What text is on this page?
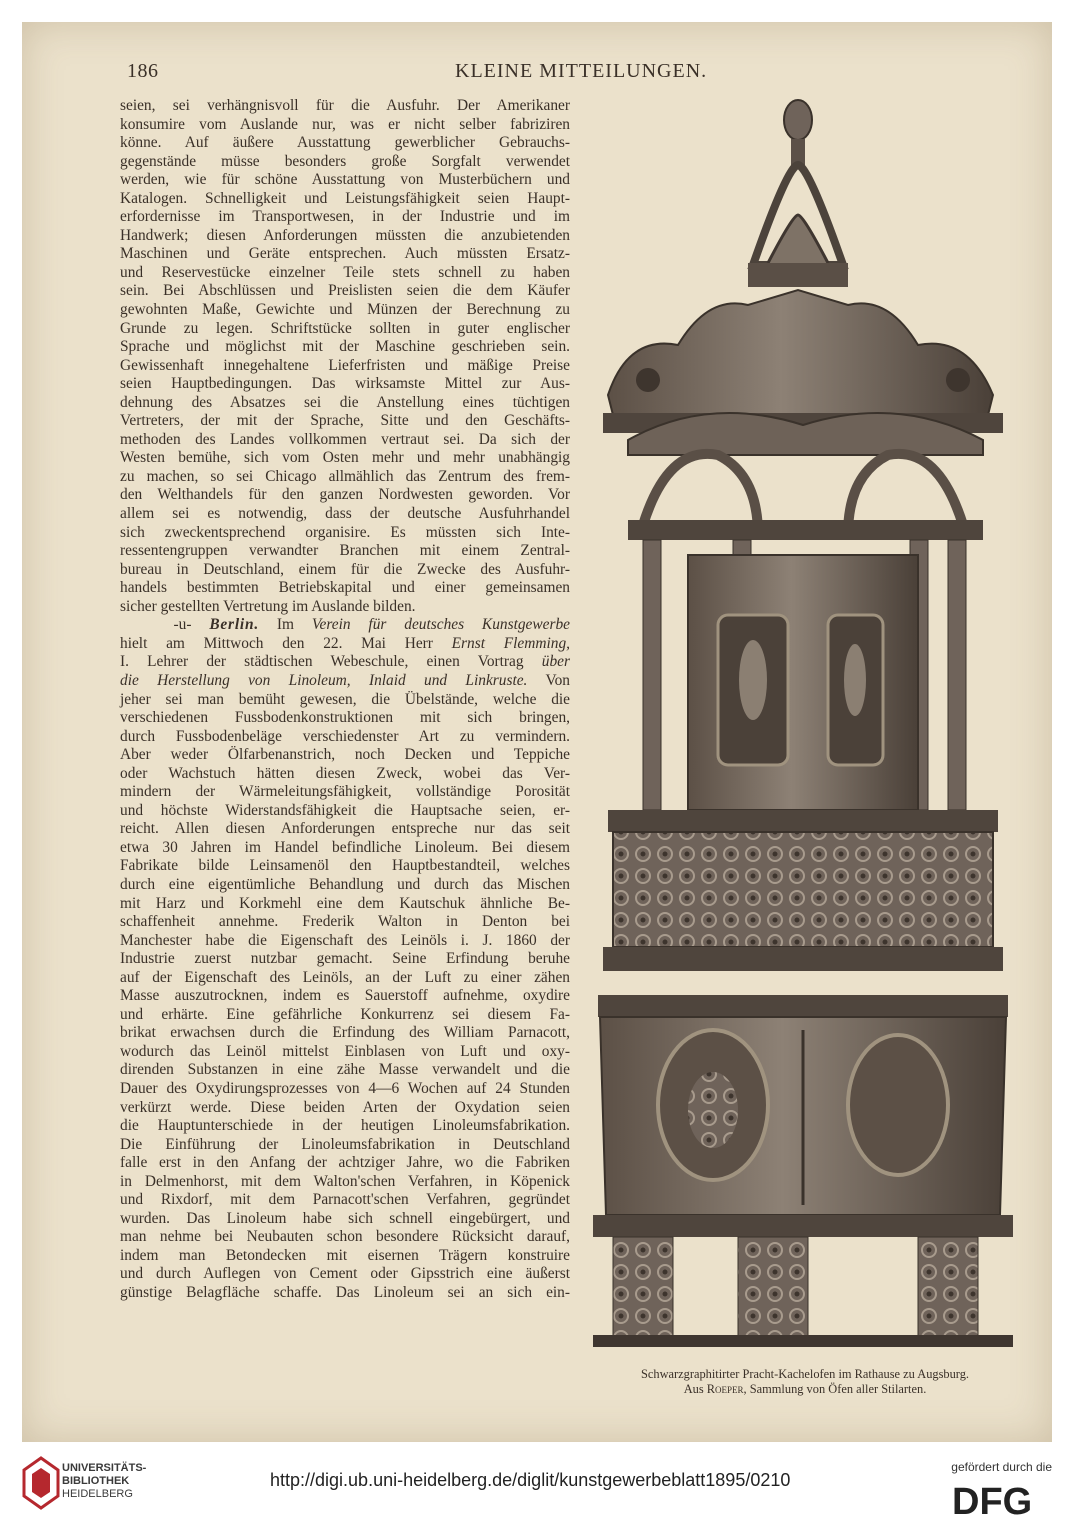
186	KLEINE MITTEILUNGEN.
seien, sei verhängnisvoll für die Ausfuhr. Der Amerikaner
konsumire vom Auslande nur, was er nicht selber fabriziren
könne. Auf äußere Ausstattung gewerblicher Gebrauchs-
gegenstände müsse besonders große Sorgfalt verwendet
werden, wie für schöne Ausstattung von Musterbüchern und
Katalogen. Schnelligkeit und Leistungsfähigkeit seien Haupt-
erfordernisse im Transportwesen, in der Industrie und im
Handwerk; diesen Anforderungen müssten die anzubietenden
Maschinen und Geräte entsprechen. Auch müssten Ersatz-
und Reservestücke einzelner Teile stets schnell zu haben
sein. Bei Abschlüssen und Preislisten seien die dem Käufer
gewohnten Maße, Gewichte und Münzen der Berechnung zu
Grunde zu legen. Schriftstücke sollten in guter englischer
Sprache und möglichst mit der Maschine geschrieben sein.
Gewissenhaft innegehaltene Lieferfristen und mäßige Preise
seien Hauptbedingungen. Das wirksamste Mittel zur Aus-
dehnung des Absatzes sei die Anstellung eines tüchtigen
Vertreters, der mit der Sprache, Sitte und den Geschäfts-
methoden des Landes vollkommen vertraut sei. Da sich der
Westen bemühe, sich vom Osten mehr und mehr unabhängig
zu machen, so sei Chicago allmählich das Zentrum des frem-
den Welthandels für den ganzen Nordwesten geworden. Vor
allem sei es notwendig, dass der deutsche Ausfuhrhandel
sich zweckentsprechend organisire. Es müssten sich Inte-
ressentengruppen verwandter Branchen mit einem Zentral-
bureau in Deutschland, einem für die Zwecke des Ausfuhr-
handels bestimmten Betriebskapital und einer gemeinsamen
sicher gestellten Vertretung im Auslande bilden.
-u- Berlin. Im Verein für deutsches Kunstgewerbe
hielt am Mittwoch den 22. Mai Herr Ernst Flemming,
I. Lehrer der städtischen Webeschule, einen Vortrag über
die Herstellung von Linoleum, Inlaid und Linkruste. Von
jeher sei man bemüht gewesen, die Übelstände, welche die
verschiedenen Fussbodenkonstruktionen mit sich bringen,
durch Fussbodenbeläge verschiedenster Art zu vermindern.
Aber weder Ölfarbenanstrich, noch Decken und Teppiche
oder Wachstuch hätten diesen Zweck, wobei das Ver-
mindern der Wärmeleitungsfähigkeit, vollständige Porosität
und höchste Widerstandsfähigkeit die Hauptsache seien, er-
reicht. Allen diesen Anforderungen entspreche nur das seit
etwa 30 Jahren im Handel befindliche Linoleum. Bei diesem
Fabrikate bilde Leinsamenöl den Hauptbestandteil, welches
durch eine eigentümliche Behandlung und durch das Mischen
mit Harz und Korkmehl eine dem Kautschuk ähnliche Be-
schaffenheit annehme. Frederik Walton in Denton bei
Manchester habe die Eigenschaft des Leinöls i. J. 1860 der
Industrie zuerst nutzbar gemacht. Seine Erfindung beruhe
auf der Eigenschaft des Leinöls, an der Luft zu einer zähen
Masse auszutrocknen, indem es Sauerstoff aufnehme, oxydire
und erhärte. Eine gefährliche Konkurrenz sei diesem Fa-
brikat erwachsen durch die Erfindung des William Parnacott,
wodurch das Leinöl mittelst Einblasen von Luft und oxy-
direnden Substanzen in eine zähe Masse verwandelt und die
Dauer des Oxydirungsprozesses von 4—6 Wochen auf 24 Stunden
verkürzt werde. Diese beiden Arten der Oxydation seien
die Hauptunterschiede in der heutigen Linoleumsfabrikation.
Die Einführung der Linoleumsfabrikation in Deutschland
falle erst in den Anfang der achtziger Jahre, wo die Fabriken
in Delmenhorst, mit dem Walton'schen Verfahren, in Köpenick
und Rixdorf, mit dem Parnacott'schen Verfahren, gegründet
wurden. Das Linoleum habe sich schnell eingebürgert, und
man nehme bei Neubauten schon besondere Rücksicht darauf,
indem man Betondecken mit eisernen Trägern konstruire
und durch Auflegen von Cement oder Gipsstrich eine äußerst
günstige Belagfläche schaffe. Das Linoleum sei an sich ein-
Schwarzgraphitirter Pracht-Kachelofen im Rathause zu Augsburg.
Aus Roeper, Sammlung von Öfen aller Stilarten.
UNIVERSITÄTS-
BIBLIOTHEK
HEIDELBERG
http://digi.ub.uni-heidelberg.de/diglit/kunstgewerbeblatt1895/0210
gefördert durch die
DFG
